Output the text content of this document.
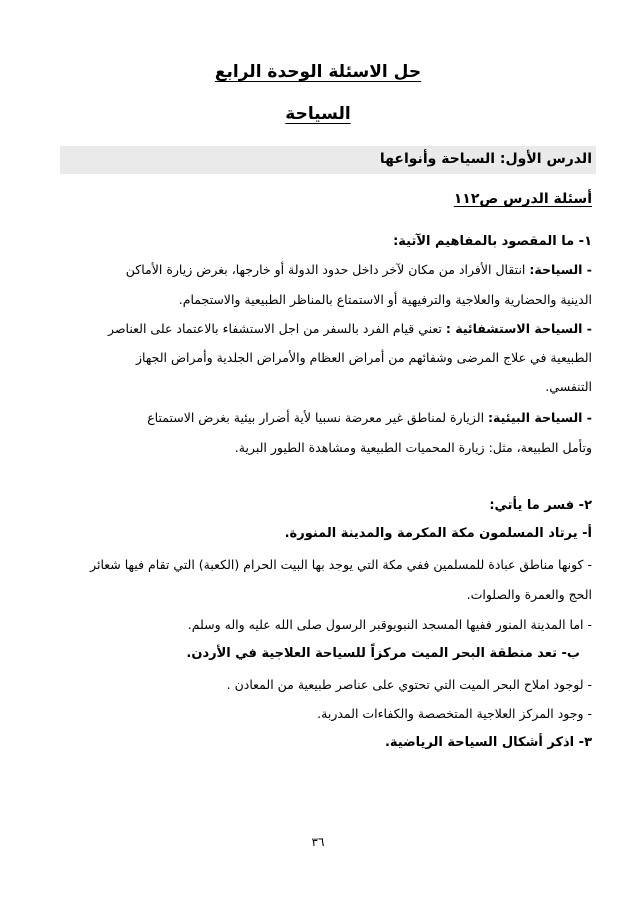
حل الاسئلة الوحدة الرابع
السياحة
الدرس الأول: السياحة وأنواعها
أسئلة الدرس ص١١٢
١- ما المقصود بالمفاهيم الآتية:
- السياحة: انتقال الأفراد من مكان لآخر داخل حدود الدولة أو خارجها، بغرض زيارة الأماكن
الدينية والحضارية والعلاجية والترفيهية أو الاستمتاع بالمناظر الطبيعية والاستجمام.
- السياحة الاستشفائية : تعني قيام الفرد بالسفر من اجل الاستشفاء بالاعتماد على العناصر
الطبيعية في علاج المرضى وشفائهم من أمراض العظام والأمراض الجلدية وأمراض الجهاز
التنفسي.
- السياحة البيئية: الزيارة لمناطق غير معرضة نسبيا لأية أضرار بيئية بغرض الاستمتاع
وتأمل الطبيعة، مثل: زيارة المحميات الطبيعية ومشاهدة الطيور البرية.
٢- فسر ما يأتي:
أ- يرتاد المسلمون مكة المكرمة والمدينة المنورة.
- كونها مناطق عبادة للمسلمين ففي مكة التي يوجد بها البيت الحرام (الكعبة) التي تقام فيها شعائر
الحج والعمرة والصلوات.
- اما المدينة المنور ففيها المسجد النبويوقبر الرسول صلى الله عليه واله وسلم.
ب- تعد منطقة البحر الميت مركزاً للسياحة العلاجية في الأردن.
- لوجود املاح البحر الميت التي تحتوي على عناصر طبيعية من المعادن .
- وجود المركز العلاجية المتخصصة والكفاءات المدربة.
٣- اذكر أشكال السياحة الرياضية.
٣٦
